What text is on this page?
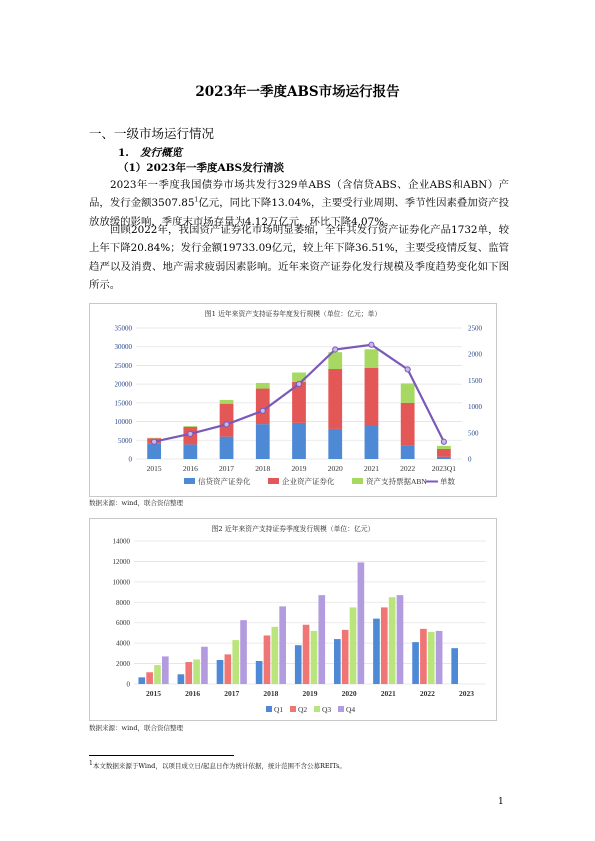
2023年一季度ABS市场运行报告
一、一级市场运行情况
1. 发行概览
（1）2023年一季度ABS发行清淡
2023年一季度我国债券市场共发行329单ABS（含信贷ABS、企业ABS和ABN）产品，发行金额3507.85$^1$亿元，同比下降13.04%，主要受行业周期、季节性因素叠加资产投放放缓的影响，季度末市场存量为4.12万亿元，环比下降4.07%。
回顾2022年，我国资产证券化市场明显萎缩，全年共发行资产证券化产品1732单，较上年下降20.84%；发行金额19733.09亿元，较上年下降36.51%，主要受疫情反复、监管趋严以及消费、地产需求疲弱因素影响。近年来资产证券化发行规模及季度趋势变化如下图所示。
图1 近年来资产支持证券年度发行规模（单位：亿元；单）
0
5000
10000
15000
20000
25000
30000
35000
0
500
1000
1500
2000
2500
2015	2016	2017	2018	2019	2020	2021	2022 2023Q1
信贷资产证券化	企业资产证券化	资产支持票据ABN 单数
数据来源：wind，联合资信整理
图2 近年来资产支持证券季度发行规模（单位：亿元）
0
2000
4000
6000
8000
10000
12000
14000
2015	2016	2017	2018	2019	2020	2021	2022	2023
Q1 Q2 Q3 Q4
数据来源：wind，联合资信整理
$^1$本文数据来源于Wind，以项目成立日/起息日作为统计依据，统计范围不含公募REITs。
1
